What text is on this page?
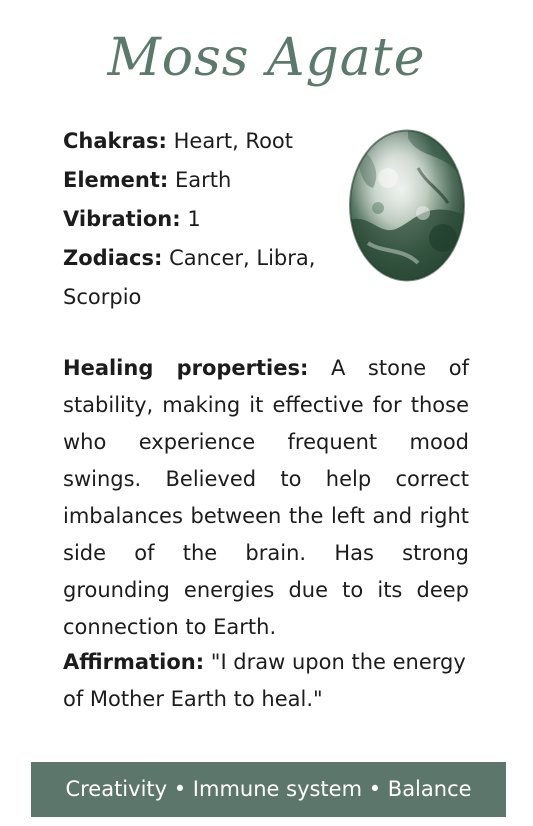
Moss Agate
Chakras: Heart, Root
Element: Earth
Vibration: 1
Zodiacs: Cancer, Libra, Scorpio
Healing properties: A stone of stability, making it effective for those who experience frequent mood swings. Believed to help correct imbalances between the left and right side of the brain. Has strong grounding energies due to its deep connection to Earth.
Affirmation: "I draw upon the energy of Mother Earth to heal."
Creativity • Immune system • Balance
